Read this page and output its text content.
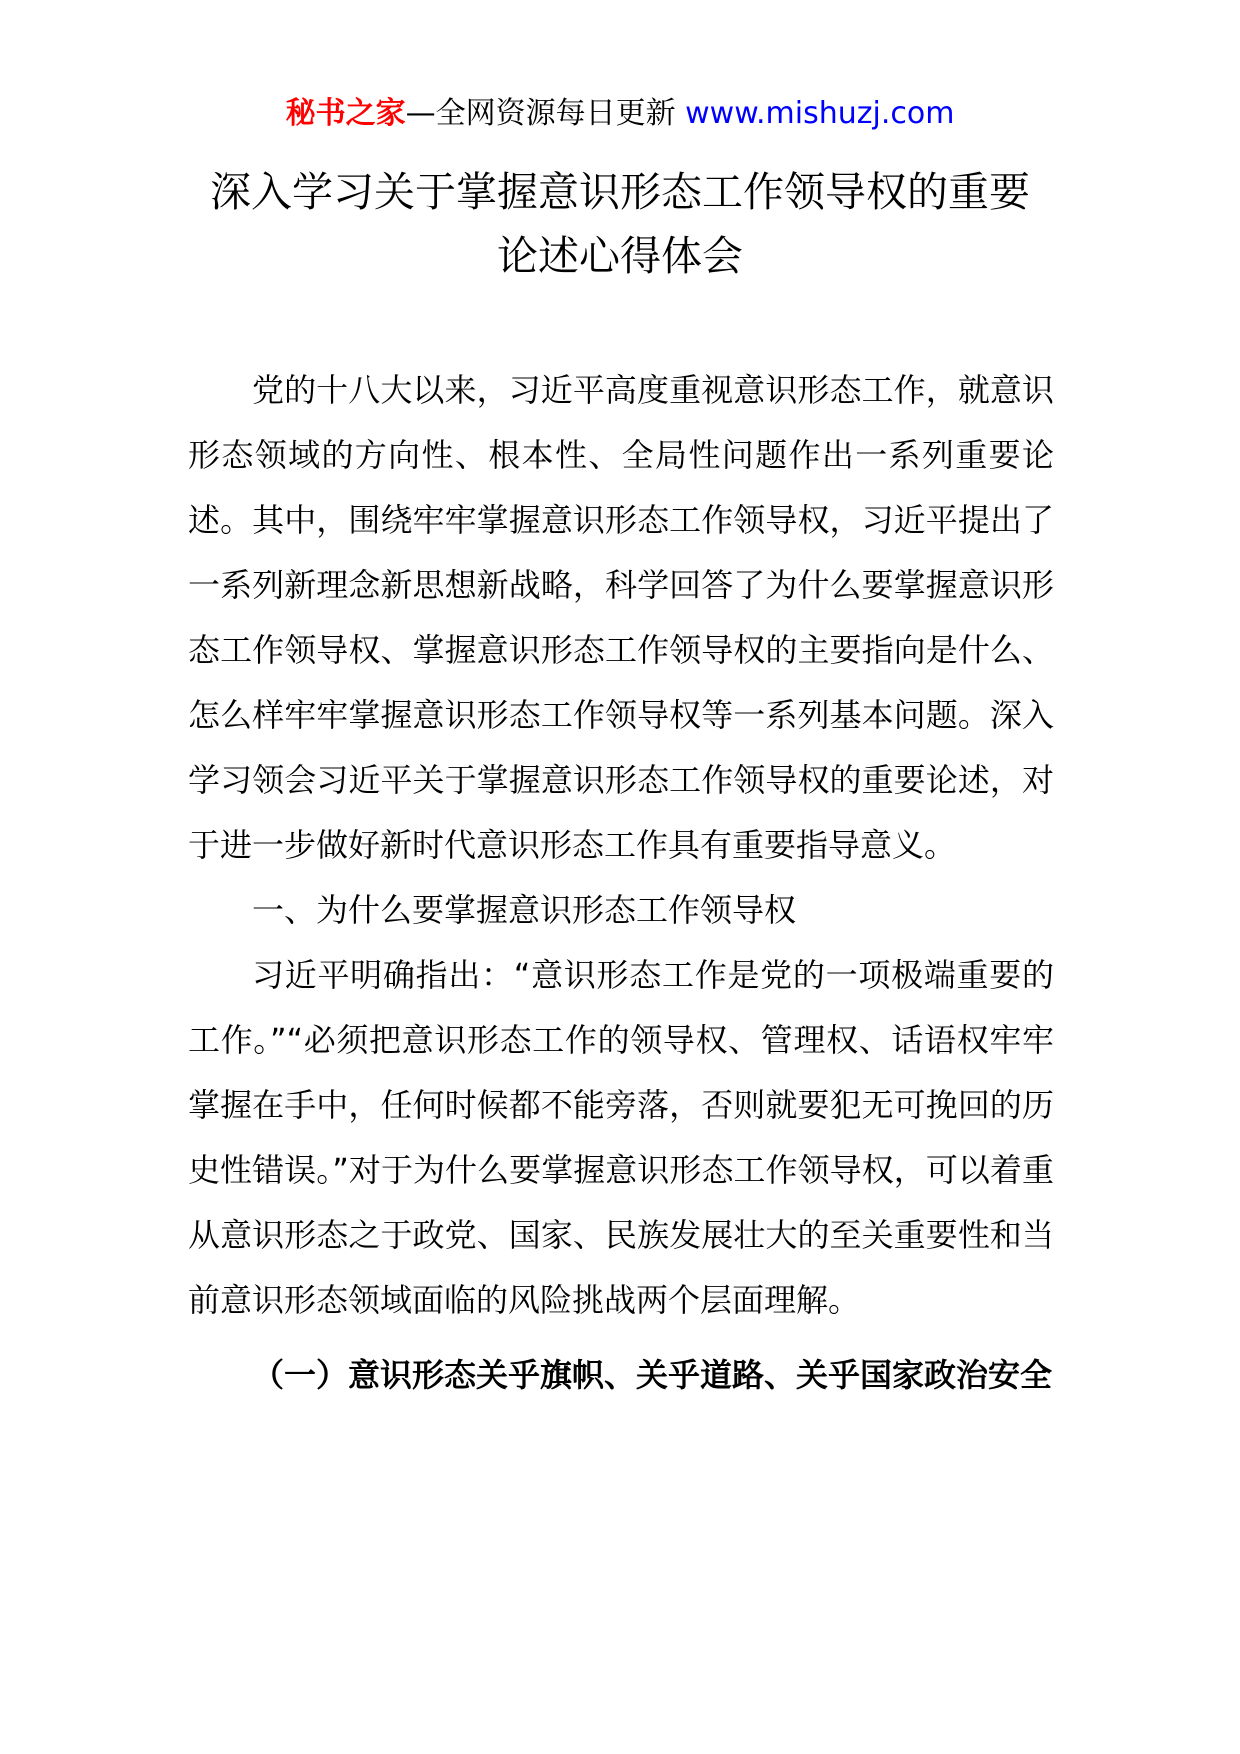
秘书之家—全网资源每日更新 www.mishuzj.com
深入学习关于掌握意识形态工作领导权的重要
论述心得体会

党的十八大以来，习近平高度重视意识形态工作，就意识形态领域的方向性、根本性、全局性问题作出一系列重要论述。其中，围绕牢牢掌握意识形态工作领导权，习近平提出了一系列新理念新思想新战略，科学回答了为什么要掌握意识形态工作领导权、掌握意识形态工作领导权的主要指向是什么、怎么样牢牢掌握意识形态工作领导权等一系列基本问题。深入学习领会习近平关于掌握意识形态工作领导权的重要论述，对于进一步做好新时代意识形态工作具有重要指导意义。

一、为什么要掌握意识形态工作领导权

习近平明确指出：“意识形态工作是党的一项极端重要的工作。”“必须把意识形态工作的领导权、管理权、话语权牢牢掌握在手中，任何时候都不能旁落，否则就要犯无可挽回的历史性错误。”对于为什么要掌握意识形态工作领导权，可以着重从意识形态之于政党、国家、民族发展壮大的至关重要性和当前意识形态领域面临的风险挑战两个层面理解。

（一）意识形态关乎旗帜、关乎道路、关乎国家政治安全
